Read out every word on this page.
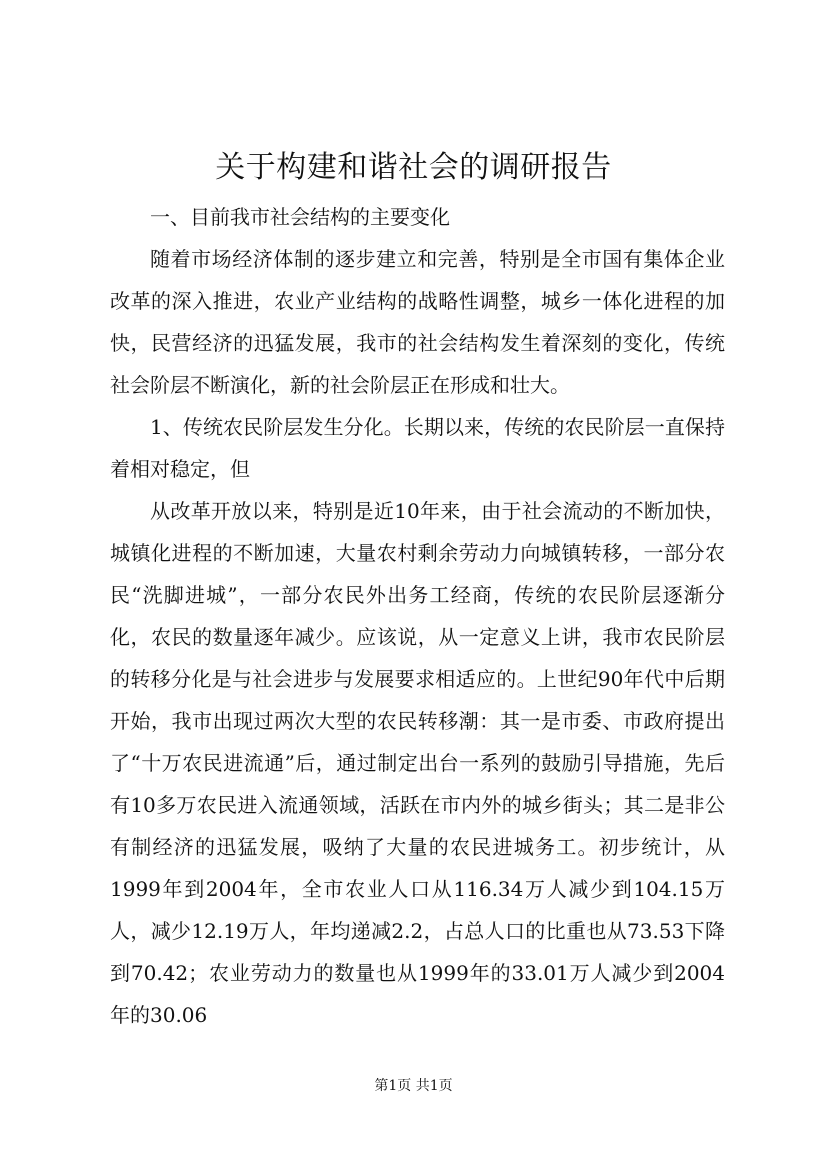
关于构建和谐社会的调研报告

一、目前我市社会结构的主要变化

随着市场经济体制的逐步建立和完善，特别是全市国有集体企业改革的深入推进，农业产业结构的战略性调整，城乡一体化进程的加快，民营经济的迅猛发展，我市的社会结构发生着深刻的变化，传统社会阶层不断演化，新的社会阶层正在形成和壮大。

1、传统农民阶层发生分化。长期以来，传统的农民阶层一直保持着相对稳定，但

从改革开放以来，特别是近10年来，由于社会流动的不断加快，城镇化进程的不断加速，大量农村剩余劳动力向城镇转移，一部分农民“洗脚进城”，一部分农民外出务工经商，传统的农民阶层逐渐分化，农民的数量逐年减少。应该说，从一定意义上讲，我市农民阶层的转移分化是与社会进步与发展要求相适应的。上世纪90年代中后期开始，我市出现过两次大型的农民转移潮：其一是市委、市政府提出了“十万农民进流通”后，通过制定出台一系列的鼓励引导措施，先后有10多万农民进入流通领域，活跃在市内外的城乡街头；其二是非公有制经济的迅猛发展，吸纳了大量的农民进城务工。初步统计，从1999年到2004年，全市农业人口从116.34万人减少到104.15万人，减少12.19万人，年均递减2.2，占总人口的比重也从73.53下降到70.42；农业劳动力的数量也从1999年的33.01万人减少到2004年的30.06

第1页 共1页
